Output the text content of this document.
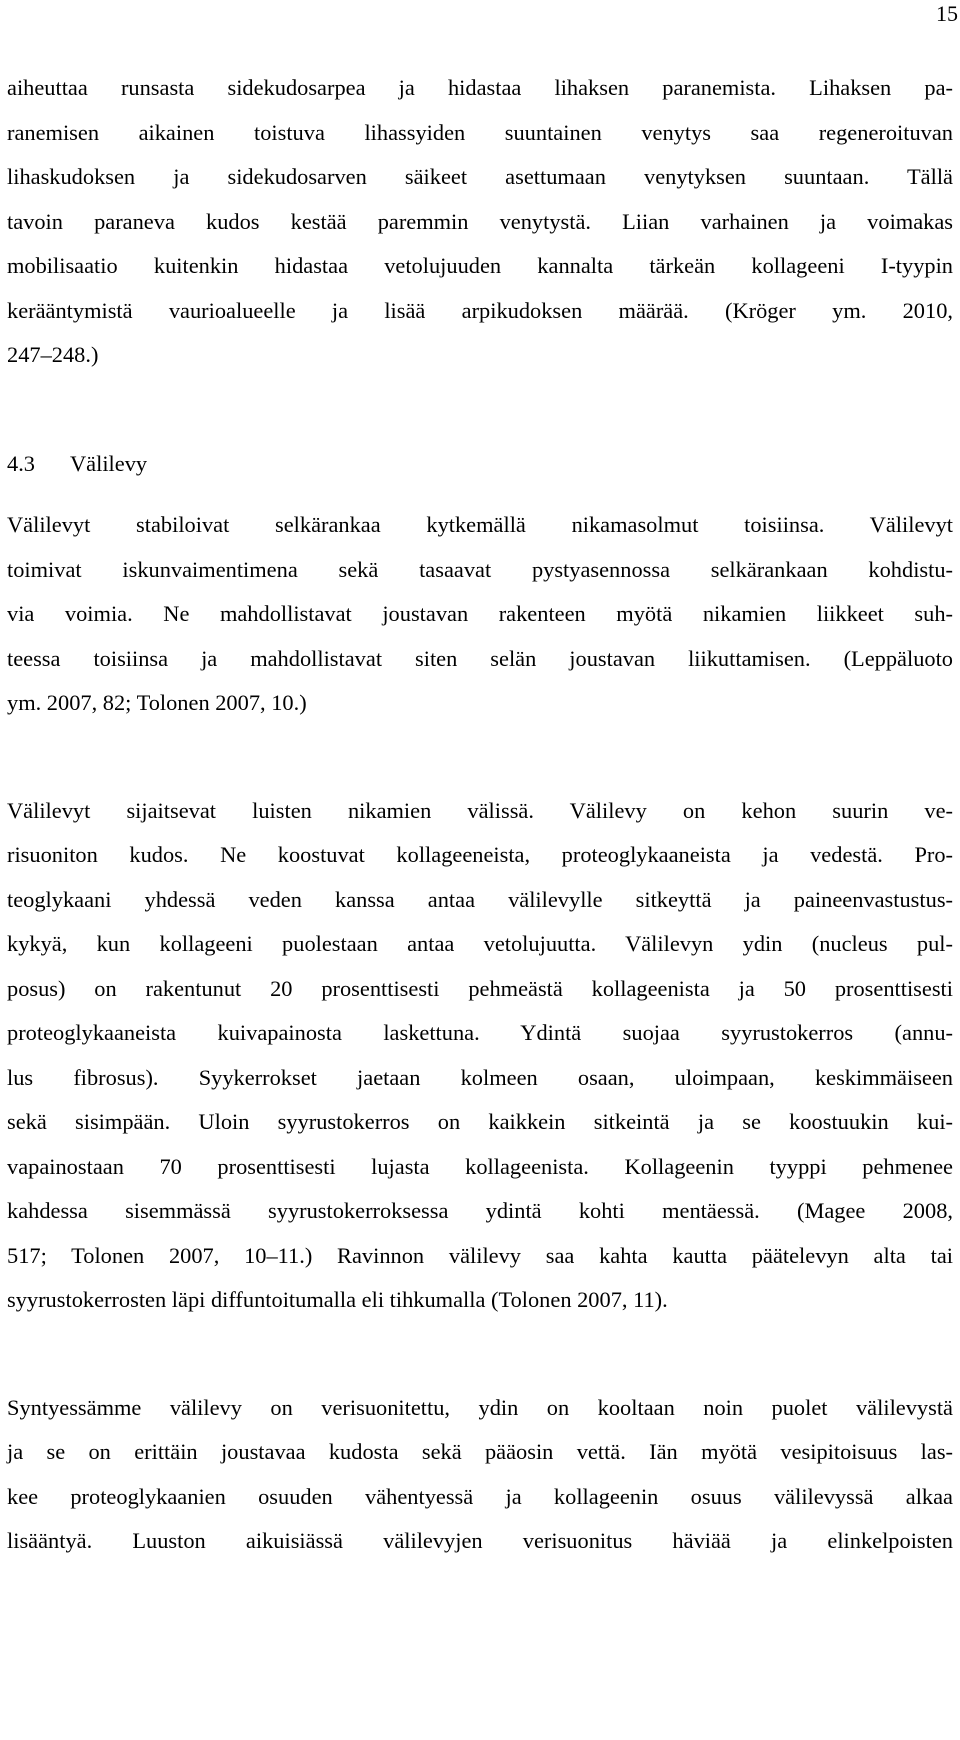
15
aiheuttaa runsasta sidekudosarpea ja hidastaa lihaksen paranemista. Lihaksen pa-
ranemisen aikainen toistuva lihassyiden suuntainen venytys saa regeneroituvan
lihaskudoksen ja sidekudosarven säikeet asettumaan venytyksen suuntaan. Tällä
tavoin paraneva kudos kestää paremmin venytystä. Liian varhainen ja voimakas
mobilisaatio kuitenkin hidastaa vetolujuuden kannalta tärkeän kollageeni I-tyypin
kerääntymistä vaurioalueelle ja lisää arpikudoksen määrää. (Kröger ym. 2010,
247–248.)
4.3	Välilevy
Välilevyt stabiloivat selkärankaa kytkemällä nikamasolmut toisiinsa. Välilevyt
toimivat iskunvaimentimena sekä tasaavat pystyasennossa selkärankaan kohdistu-
via voimia. Ne mahdollistavat joustavan rakenteen myötä nikamien liikkeet suh-
teessa toisiinsa ja mahdollistavat siten selän joustavan liikuttamisen. (Leppäluoto
ym. 2007, 82; Tolonen 2007, 10.)
Välilevyt sijaitsevat luisten nikamien välissä. Välilevy on kehon suurin ve-
risuoniton kudos. Ne koostuvat kollageeneista, proteoglykaaneista ja vedestä. Pro-
teoglykaani yhdessä veden kanssa antaa välilevylle sitkeyttä ja paineenvastustus-
kykyä, kun kollageeni puolestaan antaa vetolujuutta. Välilevyn ydin (nucleus pul-
posus) on rakentunut 20 prosenttisesti pehmeästä kollageenista ja 50 prosenttisesti
proteoglykaaneista kuivapainosta laskettuna. Ydintä suojaa syyrustokerros (annu-
lus fibrosus). Syykerrokset jaetaan kolmeen osaan, uloimpaan, keskimmäiseen
sekä sisimpään. Uloin syyrustokerros on kaikkein sitkeintä ja se koostuukin kui-
vapainostaan 70 prosenttisesti lujasta kollageenista. Kollageenin tyyppi pehmenee
kahdessa sisemmässä syyrustokerroksessa ydintä kohti mentäessä. (Magee 2008,
517; Tolonen 2007, 10–11.) Ravinnon välilevy saa kahta kautta päätelevyn alta tai
syyrustokerrosten läpi diffuntoitumalla eli tihkumalla (Tolonen 2007, 11).
Syntyessämme välilevy on verisuonitettu, ydin on kooltaan noin puolet välilevystä
ja se on erittäin joustavaa kudosta sekä pääosin vettä. Iän myötä vesipitoisuus las-
kee proteoglykaanien osuuden vähentyessä ja kollageenin osuus välilevyssä alkaa
lisääntyä. Luuston aikuisiässä välilevyjen verisuonitus häviää ja elinkelpoisten
